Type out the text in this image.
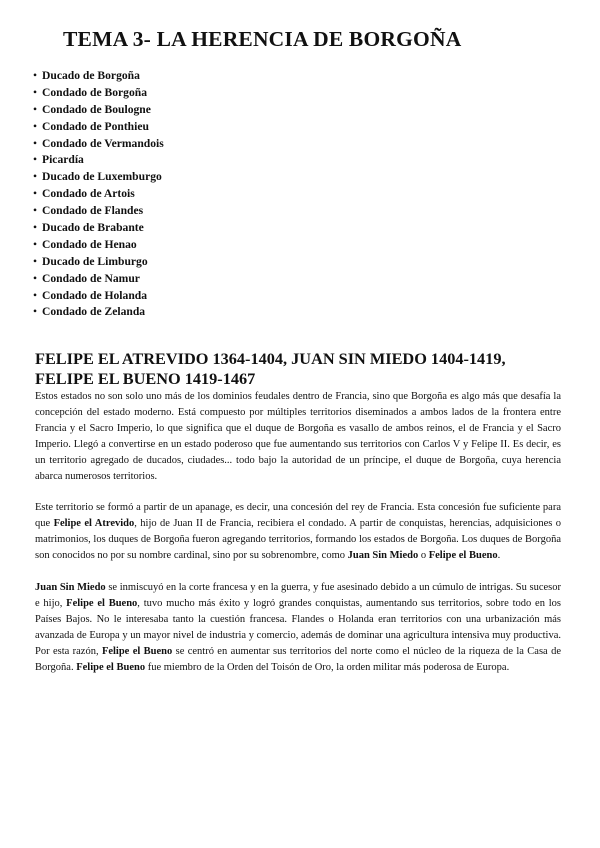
TEMA 3- LA HERENCIA DE BORGOÑA
• Ducado de Borgoña
• Condado de Borgoña
• Condado de Boulogne
• Condado de Ponthieu
• Condado de Vermandois
• Picardía
• Ducado de Luxemburgo
• Condado de Artois
• Condado de Flandes
• Ducado de Brabante
• Condado de Henao
• Ducado de Limburgo
• Condado de Namur
• Condado de Holanda
• Condado de Zelanda
FELIPE EL ATREVIDO 1364-1404, JUAN SIN MIEDO 1404-1419,
FELIPE EL BUENO 1419-1467

Estos estados no son solo uno más de los dominios feudales dentro de Francia, sino que Borgoña es algo más que desafía la concepción del estado moderno. Está compuesto por múltiples territorios diseminados a ambos lados de la frontera entre Francia y el Sacro Imperio, lo que significa que el duque de Borgoña es vasallo de ambos reinos, el de Francia y el Sacro Imperio. Llegó a convertirse en un estado poderoso que fue aumentando sus territorios con Carlos V y Felipe II. Es decir, es un territorio agregado de ducados, ciudades... todo bajo la autoridad de un príncipe, el duque de Borgoña, cuya herencia abarca numerosos territorios.

Este territorio se formó a partir de un apanage, es decir, una concesión del rey de Francia. Esta concesión fue suficiente para que Felipe el Atrevido, hijo de Juan II de Francia, recibiera el condado. A partir de conquistas, herencias, adquisiciones o matrimonios, los duques de Borgoña fueron agregando territorios, formando los estados de Borgoña. Los duques de Borgoña son conocidos no por su nombre cardinal, sino por su sobrenombre, como Juan Sin Miedo o Felipe el Bueno.

Juan Sin Miedo se inmiscuyó en la corte francesa y en la guerra, y fue asesinado debido a un cúmulo de intrigas. Su sucesor e hijo, Felipe el Bueno, tuvo mucho más éxito y logró grandes conquistas, aumentando sus territorios, sobre todo en los Países Bajos. No le interesaba tanto la cuestión francesa. Flandes o Holanda eran territorios con una urbanización más avanzada de Europa y un mayor nivel de industria y comercio, además de dominar una agricultura intensiva muy productiva. Por esta razón, Felipe el Bueno se centró en aumentar sus territorios del norte como el núcleo de la riqueza de la Casa de Borgoña. Felipe el Bueno fue miembro de la Orden del Toisón de Oro, la orden militar más poderosa de Europa.
